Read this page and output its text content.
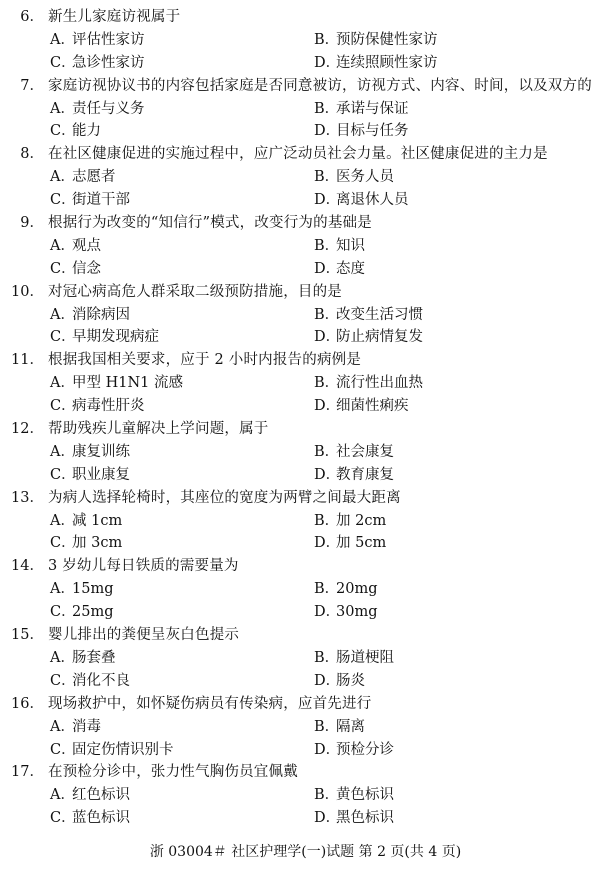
6． 新生儿家庭访视属于
A．评估性家访	B．预防保健性家访
C．急诊性家访	D．连续照顾性家访
7． 家庭访视协议书的内容包括家庭是否同意被访，访视方式、内容、时间，以及双方的
A．责任与义务	B．承诺与保证
C．能力	D．目标与任务
8． 在社区健康促进的实施过程中，应广泛动员社会力量。社区健康促进的主力是
A．志愿者	B．医务人员
C．街道干部	D．离退休人员
9． 根据行为改变的“知信行”模式，改变行为的基础是
A．观点	B．知识
C．信念	D．态度
10． 对冠心病高危人群采取二级预防措施，目的是
A．消除病因	B．改变生活习惯
C．早期发现病症	D．防止病情复发
11． 根据我国相关要求，应于 2 小时内报告的病例是
A．甲型 H1N1 流感	B．流行性出血热
C．病毒性肝炎	D．细菌性痢疾
12． 帮助残疾儿童解决上学问题，属于
A．康复训练	B．社会康复
C．职业康复	D．教育康复
13． 为病人选择轮椅时，其座位的宽度为两臂之间最大距离
A．减 1cm	B．加 2cm
C．加 3cm	D．加 5cm
14． 3 岁幼儿每日铁质的需要量为
A．15mg	B．20mg
C．25mg	D．30mg
15． 婴儿排出的粪便呈灰白色提示
A．肠套叠	B．肠道梗阻
C．消化不良	D．肠炎
16． 现场救护中，如怀疑伤病员有传染病，应首先进行
A．消毒	B．隔离
C．固定伤情识别卡	D．预检分诊
17． 在预检分诊中，张力性气胸伤员宜佩戴
A．红色标识	B．黄色标识
C．蓝色标识	D．黑色标识
浙 03004＃ 社区护理学(一)试题 第 2 页(共 4 页)
